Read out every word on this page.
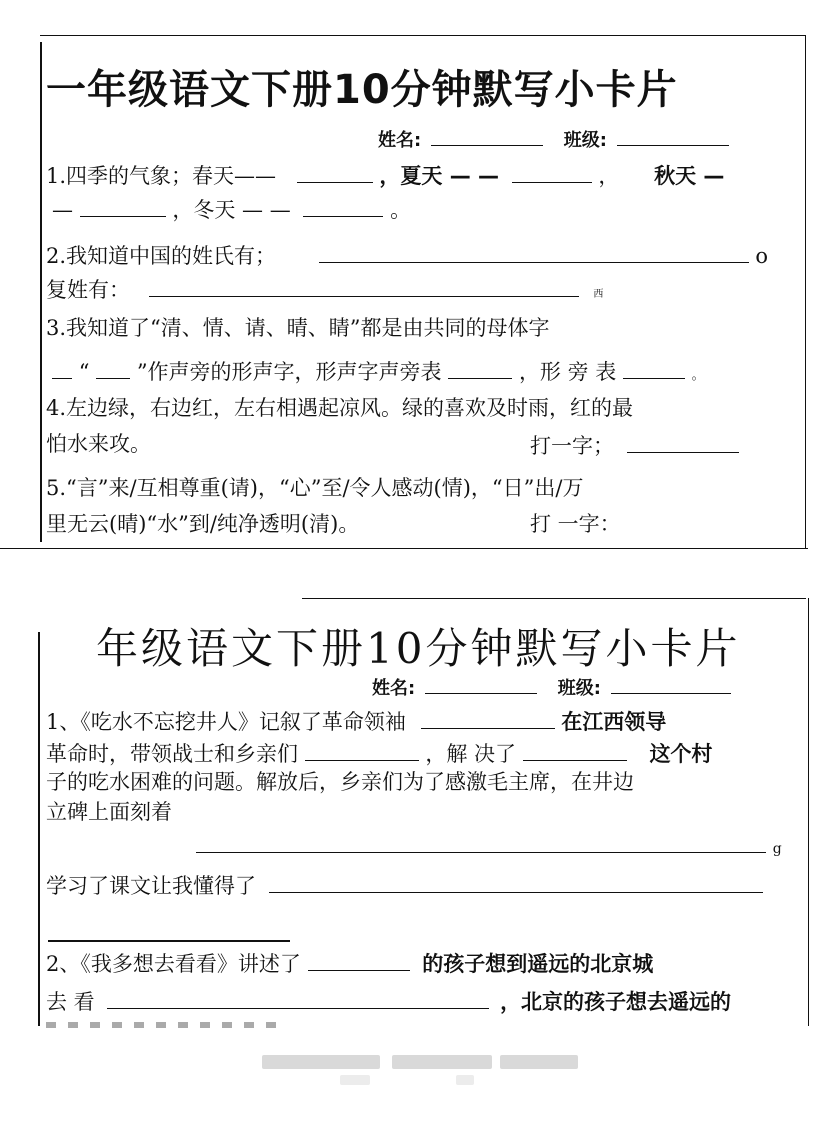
一年级语文下册10分钟默写小卡片
姓名:	班级:
1.四季的气象；春天——	，夏天 — —	， 秋天 —
—	，冬天 — —	。
2.我知道中国的姓氏有；	o
复姓有：	西
3.我知道了“清、情、请、晴、睛”都是由共同的母体字
“ ”作声旁的形声字，形声字声旁表	，形 旁 表	。
4.左边绿，右边红，左右相遇起凉风。绿的喜欢及时雨，红的最
怕水来攻。	打一字；
5.“言”来/互相尊重(请)，“心”至/令人感动(情)，“日”出/万
里无云(晴)“水”到/纯净透明(清)。	打 一字：
年级语文下册10分钟默写小卡片
姓名:	班级:
1、《吃水不忘挖井人》记叙了革命领袖	在江西领导
革命时，带领战士和乡亲们	，解 决了	这个村
子的吃水困难的问题。解放后，乡亲们为了感激毛主席，在井边
立碑上面刻着
g
学习了课文让我懂得了
2、《我多想去看看》讲述了	的孩子想到遥远的北京城
去 看	，北京的孩子想去遥远的
